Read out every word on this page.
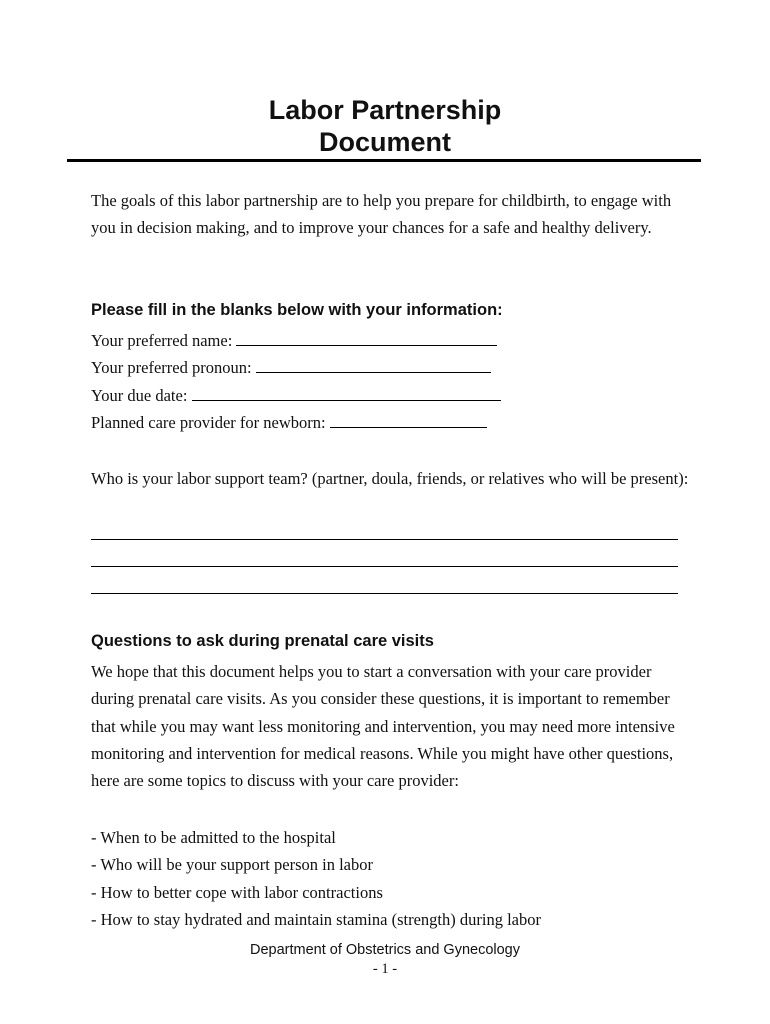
Labor Partnership
Document
The goals of this labor partnership are to help you prepare for childbirth, to engage with you in decision making, and to improve your chances for a safe and healthy delivery.
Please fill in the blanks below with your information:
Your preferred name:
Your preferred pronoun:
Your due date:
Planned care provider for newborn:
Who is your labor support team? (partner, doula, friends, or relatives who will be present):
Questions to ask during prenatal care visits
We hope that this document helps you to start a conversation with your care provider during prenatal care visits. As you consider these questions, it is important to remember that while you may want less monitoring and intervention, you may need more intensive monitoring and intervention for medical reasons. While you might have other questions, here are some topics to discuss with your care provider:
- When to be admitted to the hospital
- Who will be your support person in labor
- How to better cope with labor contractions
- How to stay hydrated and maintain stamina (strength) during labor
Department of Obstetrics and Gynecology
- 1 -
